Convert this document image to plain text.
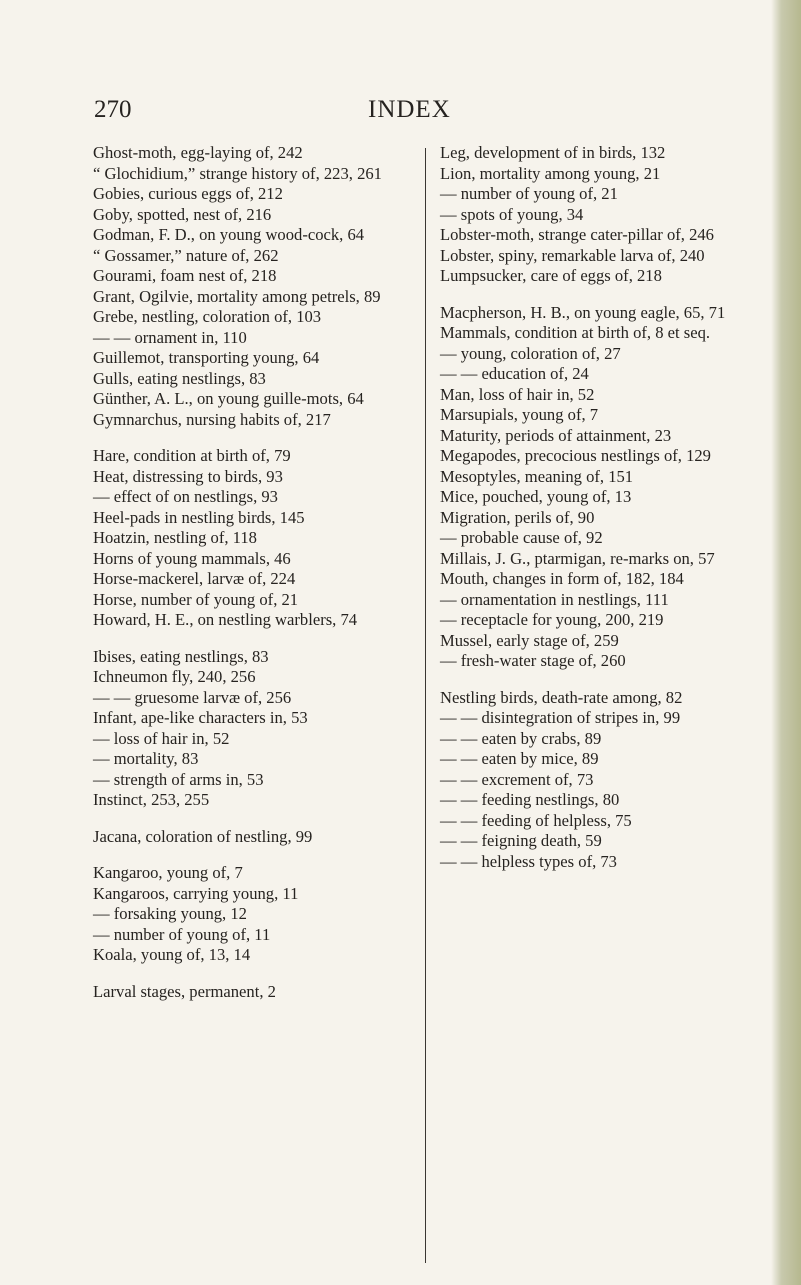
270	INDEX
Ghost-moth, egg-laying of, 242
“ Glochidium,” strange history of, 223, 261
Gobies, curious eggs of, 212
Goby, spotted, nest of, 216
Godman, F. D., on young wood-cock, 64
“ Gossamer,” nature of, 262
Gourami, foam nest of, 218
Grant, Ogilvie, mortality among petrels, 89
Grebe, nestling, coloration of, 103
— — ornament in, 110
Guillemot, transporting young, 64
Gulls, eating nestlings, 83
Günther, A. L., on young guille-mots, 64
Gymnarchus, nursing habits of, 217
Hare, condition at birth of, 79
Heat, distressing to birds, 93
— effect of on nestlings, 93
Heel-pads in nestling birds, 145
Hoatzin, nestling of, 118
Horns of young mammals, 46
Horse-mackerel, larvæ of, 224
Horse, number of young of, 21
Howard, H. E., on nestling warblers, 74
Ibises, eating nestlings, 83
Ichneumon fly, 240, 256
— — gruesome larvæ of, 256
Infant, ape-like characters in, 53
— loss of hair in, 52
— mortality, 83
— strength of arms in, 53
Instinct, 253, 255
Jacana, coloration of nestling, 99
Kangaroo, young of, 7
Kangaroos, carrying young, 11
— forsaking young, 12
— number of young of, 11
Koala, young of, 13, 14
Larval stages, permanent, 2
Leg, development of in birds, 132
Lion, mortality among young, 21
— number of young of, 21
— spots of young, 34
Lobster-moth, strange cater-pillar of, 246
Lobster, spiny, remarkable larva of, 240
Lumpsucker, care of eggs of, 218
Macpherson, H. B., on young eagle, 65, 71
Mammals, condition at birth of, 8 et seq.
— young, coloration of, 27
— — education of, 24
Man, loss of hair in, 52
Marsupials, young of, 7
Maturity, periods of attainment, 23
Megapodes, precocious nestlings of, 129
Mesoptyles, meaning of, 151
Mice, pouched, young of, 13
Migration, perils of, 90
— probable cause of, 92
Millais, J. G., ptarmigan, re-marks on, 57
Mouth, changes in form of, 182, 184
— ornamentation in nestlings, 111
— receptacle for young, 200, 219
Mussel, early stage of, 259
— fresh-water stage of, 260
Nestling birds, death-rate among, 82
— — disintegration of stripes in, 99
— — eaten by crabs, 89
— — eaten by mice, 89
— — excrement of, 73
— — feeding nestlings, 80
— — feeding of helpless, 75
— — feigning death, 59
— — helpless types of, 73
